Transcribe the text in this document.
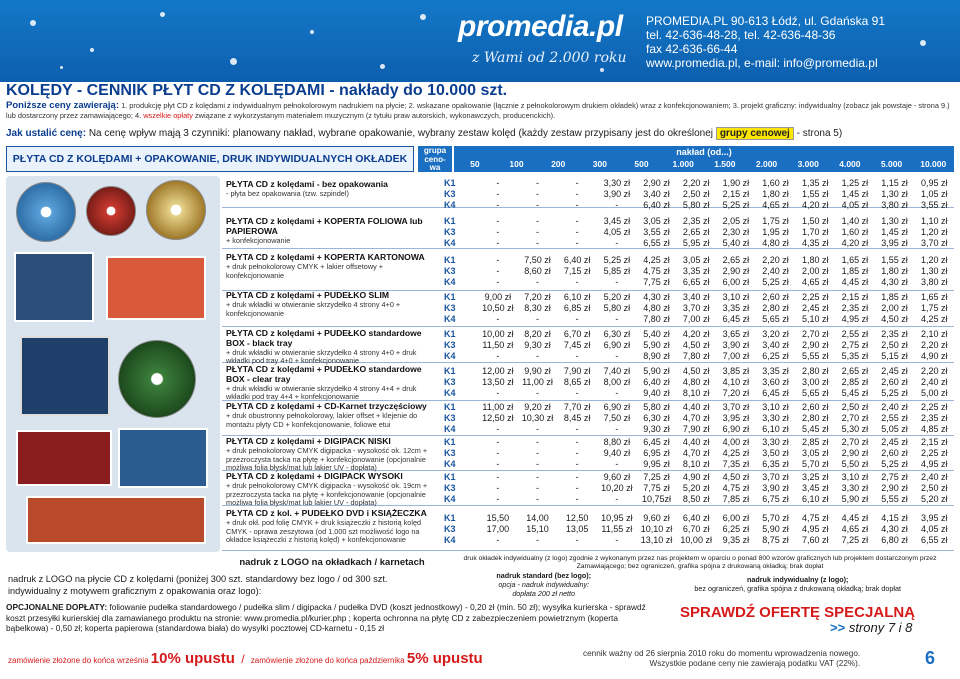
promedia.pl
z Wami od 2.000 roku
PROMEDIA.PL 90-613 Łódź, ul. Gdańska 91
tel. 42-636-48-28, tel. 42-636-48-36
fax 42-636-66-44
www.promedia.pl, e-mail: info@promedia.pl
KOLĘDY - CENNIK PŁYT CD Z KOLĘDAMI - nakłady do 10.000 szt.
Poniższe ceny zawierają: 1. produkcję płyt CD z kolędami z indywidualnym pełnokolorowym nadrukiem na płycie; 2. wskazane opakowanie (łącznie z pełnokolorowym drukiem okładek) wraz z konfekcjonowaniem; 3. projekt graficzny: indywidualny (zobacz jak powstaje - strona 9.) lub dostarczony przez zamawiającego; 4. wszelkie opłaty związane z wykorzystanym materiałem muzycznym (z tytułu praw autorskich, wykonawczych, producenckich).
Jak ustalić cenę: Na cenę wpływ mają 3 czynniki: planowany nakład, wybrane opakowanie, wybrany zestaw kolęd (każdy zestaw przypisany jest do określonej grupy cenowej - strona 5)
PŁYTA CD Z KOLĘDAMI + OPAKOWANIE, DRUK INDYWIDUALNYCH OKŁADEK
grupa ceno- wa
nakład (od...)
50	100	200	300	500	1.000	1.500	2.000	3.000	4.000	5.000	10.000
PŁYTA CD z kolędami - bez opakowania
- płyta bez opakowania (tzw. szpindel)
K1
K3
K4
-	-	-	3,30 zł	2,90 zł	2,20 zł	1,90 zł	1,60 zł	1,35 zł	1,25 zł	1,15 zł	0,95 zł
-	-	-	3,90 zł	3,40 zł	2,50 zł	2,15 zł	1,80 zł	1,55 zł	1,45 zł	1,30 zł	1,05 zł
-	-	-	-	6,40 zł	5,80 zł	5,25 zł	4,65 zł	4,20 zł	4,05 zł	3,80 zł	3,55 zł
PŁYTA CD z kolędami + KOPERTA FOLIOWA lub PAPIEROWA
+ konfekcjonowanie
K1
K3
K4
-	-	-	3,45 zł	3,05 zł	2,35 zł	2,05 zł	1,75 zł	1,50 zł	1,40 zł	1,30 zł	1,10 zł
-	-	-	4,05 zł	3,55 zł	2,65 zł	2,30 zł	1,95 zł	1,70 zł	1,60 zł	1,45 zł	1,20 zł
-	-	-	-	6,55 zł	5,95 zł	5,40 zł	4,80 zł	4,35 zł	4,20 zł	3,95 zł	3,70 zł
PŁYTA CD z kolędami + KOPERTA KARTONOWA
+ druk pełnokolorowy CMYK + lakier offsetowy + konfekcjonowanie
K1
K3
K4
-	7,50 zł	6,40 zł	5,25 zł	4,25 zł	3,05 zł	2,65 zł	2,20 zł	1,80 zł	1,65 zł	1,55 zł	1,20 zł
-	8,60 zł	7,15 zł	5,85 zł	4,75 zł	3,35 zł	2,90 zł	2,40 zł	2,00 zł	1,85 zł	1,80 zł	1,30 zł
-	-	-	-	7,75 zł	6,65 zł	6,00 zł	5,25 zł	4,65 zł	4,45 zł	4,30 zł	3,80 zł
PŁYTA CD z kolędami + PUDEŁKO SLIM
+ druk wkładki w otwieranie skrzydełko 4 strony 4+0 + konfekcjonowanie
K1
K3
K4
9,00 zł	7,20 zł	6,10 zł	5,20 zł	4,30 zł	3,40 zł	3,10 zł	2,60 zł	2,25 zł	2,15 zł	1,85 zł	1,65 zł
10,50 zł	8,30 zł	6,85 zł	5,80 zł	4,80 zł	3,70 zł	3,35 zł	2,80 zł	2,45 zł	2,35 zł	2,00 zł	1,75 zł
-	-	-	-	7,80 zł	7,00 zł	6,45 zł	5,65 zł	5,10 zł	4,95 zł	4,50 zł	4,25 zł
PŁYTA CD z kolędami + PUDEŁKO standardowe BOX - black tray
+ druk wkładki w otwieranie skrzydełko 4 strony 4+0 + druk wkładki pod tray 4+0 + konfekcjonowanie
K1
K3
K4
10,00 zł	8,20 zł	6,70 zł	6,30 zł	5,40 zł	4,20 zł	3,65 zł	3,20 zł	2,70 zł	2,55 zł	2,35 zł	2,10 zł
11,50 zł	9,30 zł	7,45 zł	6,90 zł	5,90 zł	4,50 zł	3,90 zł	3,40 zł	2,90 zł	2,75 zł	2,50 zł	2,20 zł
-	-	-	-	8,90 zł	7,80 zł	7,00 zł	6,25 zł	5,55 zł	5,35 zł	5,15 zł	4,90 zł
PŁYTA CD z kolędami + PUDEŁKO standardowe BOX - clear tray
+ druk wkładki w otwieranie skrzydełko 4 strony 4+4 + druk wkładki pod tray 4+4 + konfekcjonowanie
K1
K3
K4
12,00 zł	9,90 zł	7,90 zł	7,40 zł	5,90 zł	4,50 zł	3,85 zł	3,35 zł	2,80 zł	2,65 zł	2,45 zł	2,20 zł
13,50 zł 11,00 zł	8,65 zł	8,00 zł	6,40 zł	4,80 zł	4,10 zł	3,60 zł	3,00 zł	2,85 zł	2,60 zł	2,40 zł
-	-	-	-	9,40 zł	8,10 zł	7,20 zł	6,45 zł	5,65 zł	5,45 zł	5,25 zł	5,00 zł
PŁYTA CD z kolędami + CD-Karnet trzyczęściowy
+ druk obustronny pełnokolorowy, lakier offset + klejenie do montażu płyty CD + konfekcjonowanie, foliowe etui
K1
K3
K4
11,00 zł	9,20 zł	7,70 zł	6,90 zł	5,80 zł	4,40 zł	3,70 zł	3,10 zł	2,60 zł	2,50 zł	2,40 zł	2,25 zł
12,50 zł 10,30 zł	8,45 zł	7,50 zł	6,30 zł	4,70 zł	3,95 zł	3,30 zł	2,80 zł	2,70 zł	2,55 zł	2,35 zł
-	-	-	-	9,30 zł	7,90 zł	6,90 zł	6,10 zł	5,45 zł	5,30 zł	5,05 zł	4,85 zł
PŁYTA CD z kolędami + DIGIPACK NISKI
+ druk pełnokolorowy CMYK digipacka - wysokość ok. 12cm + przezroczysta tacka na płytę + konfekcjonowanie (opcjonalnie możliwa folia błysk/mat lub lakier UV - dopłata)
K1
K3
K4
-	-	-	8,80 zł	6,45 zł	4,40 zł	4,00 zł	3,30 zł	2,85 zł	2,70 zł	2,45 zł	2,15 zł
-	-	-	9,40 zł	6,95 zł	4,70 zł	4,25 zł	3,50 zł	3,05 zł	2,90 zł	2,60 zł	2,25 zł
-	-	-	-	9,95 zł	8,10 zł	7,35 zł	6,35 zł	5,70 zł	5,50 zł	5,25 zł	4,95 zł
PŁYTA CD z kolędami + DIGIPACK WYSOKI
+ druk pełnokolorowy CMYK digipacka - wysokość ok. 19cm + przezroczysta tacka na płytę + konfekcjonowanie (opcjonalnie możliwa folia błysk/mat lub lakier UV - dopłata)
K1
K3
K4
-	-	-	9,60 zł	7,25 zł	4,90 zł	4,50 zł	3,70 zł	3,25 zł	3,10 zł	2,75 zł	2,40 zł
-	-	-	10,20 zł	7,75 zł	5,20 zł	4,75 zł	3,90 zł	3,45 zł	3,30 zł	2,90 zł	2,50 zł
-	-	-	-	10,75zł	8,50 zł	7,85 zł	6,75 zł	6,10 zł	5,90 zł	5,55 zł	5,20 zł
PŁYTA CD z kol. + PUDEŁKO DVD i KSIĄŻECZKA
+ druk okł. pod folię CMYK + druk książeczki z historią kolęd CMYK - oprawa zeszytowa (od 1.000 szt możliwość logo na okładce książeczki z historią kolęd) + konfekcjonowanie
K1
K3
K4
15,50	14,00	12,50	10,95 zł	9,60 zł	6,40 zł	6,00 zł	5,70 zł	4,75 zł	4,45 zł	4,15 zł	3,95 zł
17,00	15,10	13,05	11,55 zł 10,10 zł	6,70 zł	6,25 zł	5,90 zł	4,95 zł	4,65 zł	4,30 zł	4,05 zł
-	-	-	-	13,10 zł 10,00 zł	9,35 zł	8,75 zł	7,60 zł	7,25 zł	6,80 zł	6,55 zł
nadruk z LOGO na okładkach / karnetach
nadruk z LOGO na płycie CD z kolędami (poniżej 300 szt. standardowy bez logo / od 300 szt. indywidualny z motywem graficznym z opakowania oraz logo):
druk okładek indywidualny (z logo) zgodnie z wykonanym przez nas projektem w oparciu o ponad 800 wzorów graficznych lub projektem dostarczonym przez Zamawiającego; bez ograniczeń, grafika spójna z drukowaną okładką; brak dopłat
nadruk standard (bez logo);
opcja - nadruk indywidualny:
dopłata 200 zł netto
nadruk indywidualny (z logo);
bez ograniczeń, grafika spójna z drukowaną okładką; brak dopłat
OPCJONALNE DOPŁATY: foliowanie pudełka standardowego / pudełka slim / digipacka / pudełka DVD (koszt jednostkowy) - 0,20 zł (min. 50 zł); wysyłka kurierska - sprawdź koszt przesyłki kurierskiej dla zamawianego produktu na stronie: www.promedia.pl/kurier.php ; koperta ochronna na płytę CD z zabezpieczeniem powietrznym (koperta bąbelkowa) - 0,50 zł; koperta papierowa (standardowa biała) do wysyłki pocztowej CD-karnetu - 0,15 zł
SPRAWDŹ OFERTĘ SPECJALNĄ
>> strony 7 i 8
zamówienie złożone do końca września 10% upustu / zamówienie złożone do końca października 5% upustu	cennik ważny od 26 sierpnia 2010 roku do momentu wprowadzenia nowego.
Wszystkie podane ceny nie zawierają podatku VAT (22%).	6
